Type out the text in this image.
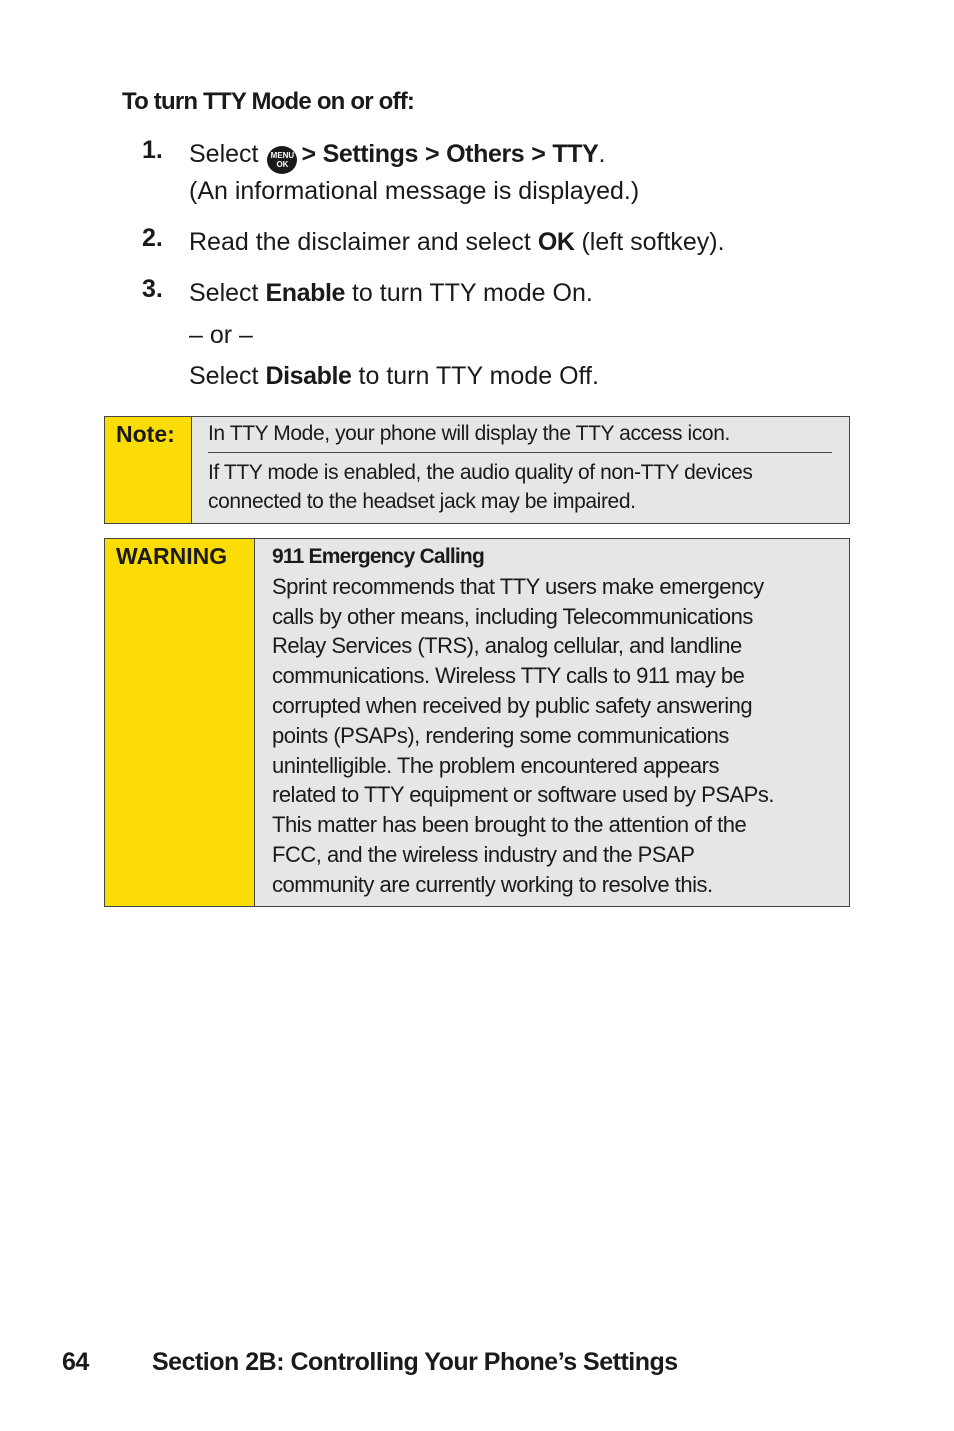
To turn TTY Mode on or off:
1.	Select MENU
OK > Settings > Others > TTY.
(An informational message is displayed.)
2.	Read the disclaimer and select OK (left softkey).
3.	Select Enable to turn TTY mode On.
– or –
Select Disable to turn TTY mode Off.
Note:	In TTY Mode, your phone will display the TTY access icon.
If TTY mode is enabled, the audio quality of non-TTY devices
connected to the headset jack may be impaired.
WARNING	911 Emergency Calling
Sprint recommends that TTY users make emergency
calls by other means, including Telecommunications
Relay Services (TRS), analog cellular, and landline
communications. Wireless TTY calls to 911 may be
corrupted when received by public safety answering
points (PSAPs), rendering some communications
unintelligible. The problem encountered appears
related to TTY equipment or software used by PSAPs.
This matter has been brought to the attention of the
FCC, and the wireless industry and the PSAP
community are currently working to resolve this.
64	Section 2B: Controlling Your Phone’s Settings
